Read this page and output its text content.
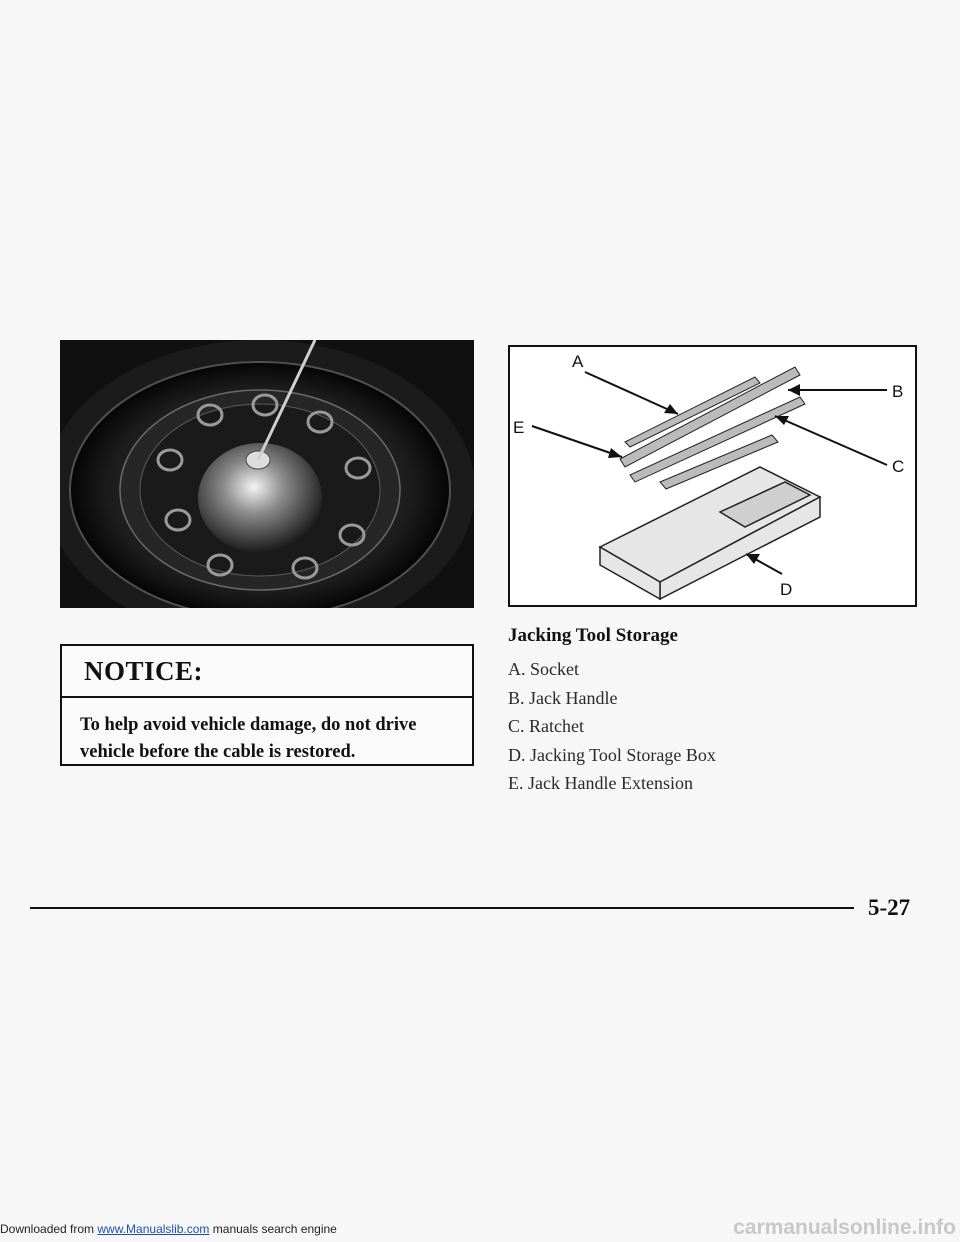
A
B
C
D
E
NOTICE:
To help avoid vehicle damage, do not drive
vehicle before the cable is restored.
Jacking Tool Storage
A. Socket
B. Jack Handle
C. Ratchet
D. Jacking Tool Storage Box
E. Jack Handle Extension
5-27
Downloaded from www.Manualslib.com manuals search engine	carmanualsonline.info
